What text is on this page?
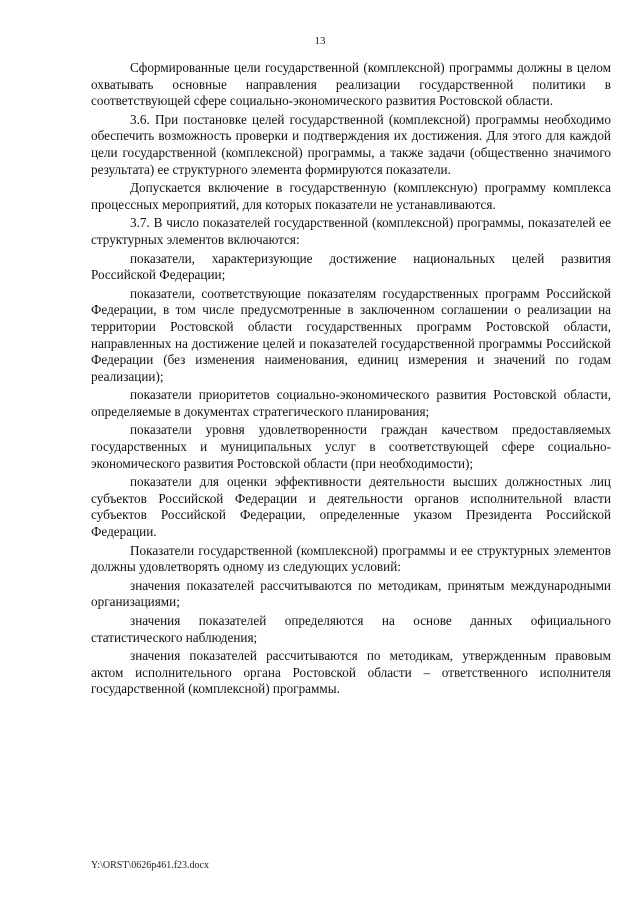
13

Сформированные цели государственной (комплексной) программы должны в целом охватывать основные направления реализации государственной политики в соответствующей сфере социально-экономического развития Ростовской области.

3.6. При постановке целей государственной (комплексной) программы необходимо обеспечить возможность проверки и подтверждения их достижения. Для этого для каждой цели государственной (комплексной) программы, а также задачи (общественно значимого результата) ее структурного элемента формируются показатели.

Допускается включение в государственную (комплексную) программу комплекса процессных мероприятий, для которых показатели не устанавливаются.

3.7. В число показателей государственной (комплексной) программы, показателей ее структурных элементов включаются:

показатели, характеризующие достижение национальных целей развития Российской Федерации;

показатели, соответствующие показателям государственных программ Российской Федерации, в том числе предусмотренные в заключенном соглашении о реализации на территории Ростовской области государственных программ Ростовской области, направленных на достижение целей и показателей государственной программы Российской Федерации (без изменения наименования, единиц измерения и значений по годам реализации);

показатели приоритетов социально-экономического развития Ростовской области, определяемые в документах стратегического планирования;

показатели уровня удовлетворенности граждан качеством предоставляемых государственных и муниципальных услуг в соответствующей сфере социально-экономического развития Ростовской области (при необходимости);

показатели для оценки эффективности деятельности высших должностных лиц субъектов Российской Федерации и деятельности органов исполнительной власти субъектов Российской Федерации, определенные указом Президента Российской Федерации.

Показатели государственной (комплексной) программы и ее структурных элементов должны удовлетворять одному из следующих условий:

значения показателей рассчитываются по методикам, принятым международными организациями;

значения показателей определяются на основе данных официального статистического наблюдения;

значения показателей рассчитываются по методикам, утвержденным правовым актом исполнительного органа Ростовской области – ответственного исполнителя государственной (комплексной) программы.

Y:\ORST\0626p461.f23.docx
